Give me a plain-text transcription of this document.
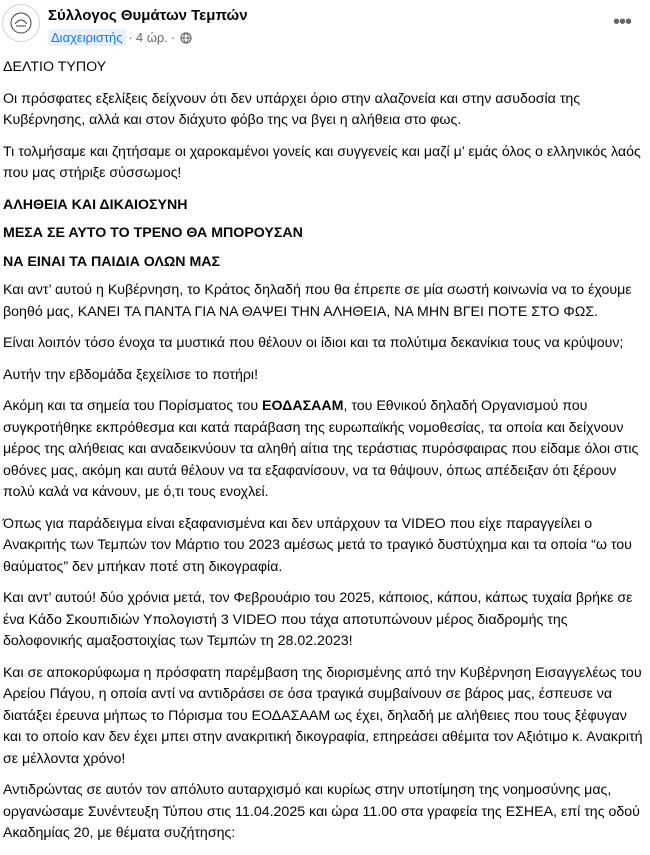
Σύλλογος Θυμάτων Τεμπών
Διαχειριστής · 4 ώρ. ·
•••

ΔΕΛΤΙΟ ΤΥΠΟΥ

Οι πρόσφατες εξελίξεις δείχνουν ότι δεν υπάρχει όριο στην αλαζονεία και στην ασυδοσία της Κυβέρνησης, αλλά και στον διάχυτο φόβο της να βγει η αλήθεια στο φως.

Τι τολμήσαμε και ζητήσαμε οι χαροκαμένοι γονείς και συγγενείς και μαζί μ’ εμάς όλος ο ελληνικός λαός που μας στήριξε σύσσωμος!

ΑΛΗΘΕΙΑ ΚΑΙ ΔΙΚΑΙΟΣΥΝΗ

ΜΕΣΑ ΣΕ ΑΥΤΟ ΤΟ ΤΡΕΝΟ ΘΑ ΜΠΟΡΟΥΣΑΝ

ΝΑ ΕΙΝΑΙ ΤΑ ΠΑΙΔΙΑ ΟΛΩΝ ΜΑΣ

Και αντ’ αυτού η Κυβέρνηση, το Κράτος δηλαδή που θα έπρεπε σε μία σωστή κοινωνία να το έχουμε βοηθό μας, ΚΑΝΕΙ ΤΑ ΠΑΝΤΑ ΓΙΑ ΝΑ ΘΑΨΕΙ ΤΗΝ ΑΛΗΘΕΙΑ, ΝΑ ΜΗΝ ΒΓΕΙ ΠΟΤΕ ΣΤΟ ΦΩΣ.

Είναι λοιπόν τόσο ένοχα τα μυστικά που θέλουν οι ίδιοι και τα πολύτιμα δεκανίκια τους να κρύψουν;

Αυτήν την εβδομάδα ξεχείλισε το ποτήρι!

Ακόμη και τα σημεία του Πορίσματος του ΕΟΔΑΣΑΑΜ, του Εθνικού δηλαδή Οργανισμού που συγκροτήθηκε εκπρόθεσμα και κατά παράβαση της ευρωπαϊκής νομοθεσίας, τα οποία και δείχνουν μέρος της αλήθειας και αναδεικνύουν τα αληθή αίτια της τεράστιας πυρόσφαιρας που είδαμε όλοι στις οθόνες μας, ακόμη και αυτά θέλουν να τα εξαφανίσουν, να τα θάψουν, όπως απέδειξαν ότι ξέρουν πολύ καλά να κάνουν, με ό,τι τους ενοχλεί.

Όπως για παράδειγμα είναι εξαφανισμένα και δεν υπάρχουν τα VIDEO που είχε παραγγείλει ο Ανακριτής των Τεμπών τον Μάρτιο του 2023 αμέσως μετά το τραγικό δυστύχημα και τα οποία “ω του θαύματος” δεν μπήκαν ποτέ στη δικογραφία.

Και αντ’ αυτού! δύο χρόνια μετά, τον Φεβρουάριο του 2025, κάποιος, κάπου, κάπως τυχαία βρήκε σε ένα Κάδο Σκουπιδιών Υπολογιστή 3 VIDEO που τάχα αποτυπώνουν μέρος διαδρομής της δολοφονικής αμαξοστοιχίας των Τεμπών τη 28.02.2023!

Και σε αποκορύφωμα η πρόσφατη παρέμβαση της διορισμένης από την Κυβέρνηση Εισαγγελέως του Αρείου Πάγου, η οποία αντί να αντιδράσει σε όσα τραγικά συμβαίνουν σε βάρος μας, έσπευσε να διατάξει έρευνα μήπως το Πόρισμα του ΕΟΔΑΣΑΑΜ ως έχει, δηλαδή με αλήθειες που τους ξέφυγαν και το οποίο καν δεν έχει μπει στην ανακριτική δικογραφία, επηρεάσει αθέμιτα τον Αξιότιμο κ. Ανακριτή σε μέλλοντα χρόνο!

Αντιδρώντας σε αυτόν τον απόλυτο αυταρχισμό και κυρίως στην υποτίμηση της νοημοσύνης μας, οργανώσαμε Συνέντευξη Τύπου στις 11.04.2025 και ώρα 11.00 στα γραφεία της ΕΣΗΕΑ, επί της οδού Ακαδημίας 20, με θέματα συζήτησης:
